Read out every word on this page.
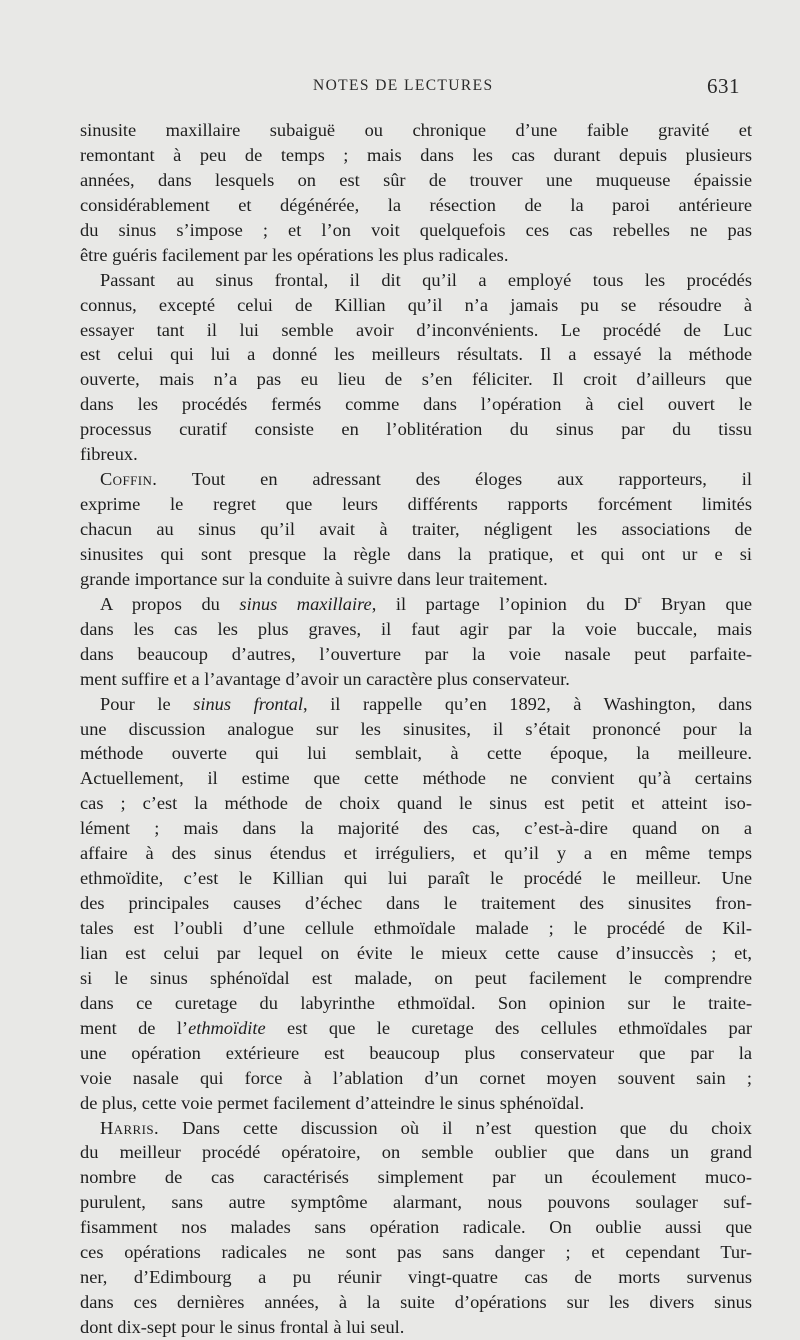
NOTES DE LECTURES	631
sinusite maxillaire subaiguë ou chronique d’une faible gravité et
remontant à peu de temps ; mais dans les cas durant depuis plusieurs
années, dans lesquels on est sûr de trouver une muqueuse épaissie
considérablement et dégénérée, la résection de la paroi antérieure
du sinus s’impose ; et l’on voit quelquefois ces cas rebelles ne pas
être guéris facilement par les opérations les plus radicales.
Passant au sinus frontal, il dit qu’il a employé tous les procédés
connus, excepté celui de Killian qu’il n’a jamais pu se résoudre à
essayer tant il lui semble avoir d’inconvénients. Le procédé de Luc
est celui qui lui a donné les meilleurs résultats. Il a essayé la méthode
ouverte, mais n’a pas eu lieu de s’en féliciter. Il croit d’ailleurs que
dans les procédés fermés comme dans l’opération à ciel ouvert le
processus curatif consiste en l’oblitération du sinus par du tissu
fibreux.
Coffin. Tout en adressant des éloges aux rapporteurs, il
exprime le regret que leurs différents rapports forcément limités
chacun au sinus qu’il avait à traiter, négligent les associations de
sinusites qui sont presque la règle dans la pratique, et qui ont ur e si
grande importance sur la conduite à suivre dans leur traitement.
A propos du sinus maxillaire, il partage l’opinion du $D^r$ Bryan que
dans les cas les plus graves, il faut agir par la voie buccale, mais
dans beaucoup d’autres, l’ouverture par la voie nasale peut parfaite-
ment suffire et a l’avantage d’avoir un caractère plus conservateur.
Pour le sinus frontal, il rappelle qu’en 1892, à Washington, dans
une discussion analogue sur les sinusites, il s’était prononcé pour la
méthode ouverte qui lui semblait, à cette époque, la meilleure.
Actuellement, il estime que cette méthode ne convient qu’à certains
cas ; c’est la méthode de choix quand le sinus est petit et atteint iso-
lément ; mais dans la majorité des cas, c’est-à-dire quand on a
affaire à des sinus étendus et irréguliers, et qu’il y a en même temps
ethmoïdite, c’est le Killian qui lui paraît le procédé le meilleur. Une
des principales causes d’échec dans le traitement des sinusites fron-
tales est l’oubli d’une cellule ethmoïdale malade ; le procédé de Kil-
lian est celui par lequel on évite le mieux cette cause d’insuccès ; et,
si le sinus sphénoïdal est malade, on peut facilement le comprendre
dans ce curetage du labyrinthe ethmoïdal. Son opinion sur le traite-
ment de l’ethmoïdite est que le curetage des cellules ethmoïdales par
une opération extérieure est beaucoup plus conservateur que par la
voie nasale qui force à l’ablation d’un cornet moyen souvent sain ;
de plus, cette voie permet facilement d’atteindre le sinus sphénoïdal.
Harris. Dans cette discussion où il n’est question que du choix
du meilleur procédé opératoire, on semble oublier que dans un grand
nombre de cas caractérisés simplement par un écoulement muco-
purulent, sans autre symptôme alarmant, nous pouvons soulager suf-
fisamment nos malades sans opération radicale. On oublie aussi que
ces opérations radicales ne sont pas sans danger ; et cependant Tur-
ner, d’Edimbourg a pu réunir vingt-quatre cas de morts survenus
dans ces dernières années, à la suite d’opérations sur les divers sinus
dont dix-sept pour le sinus frontal à lui seul.
